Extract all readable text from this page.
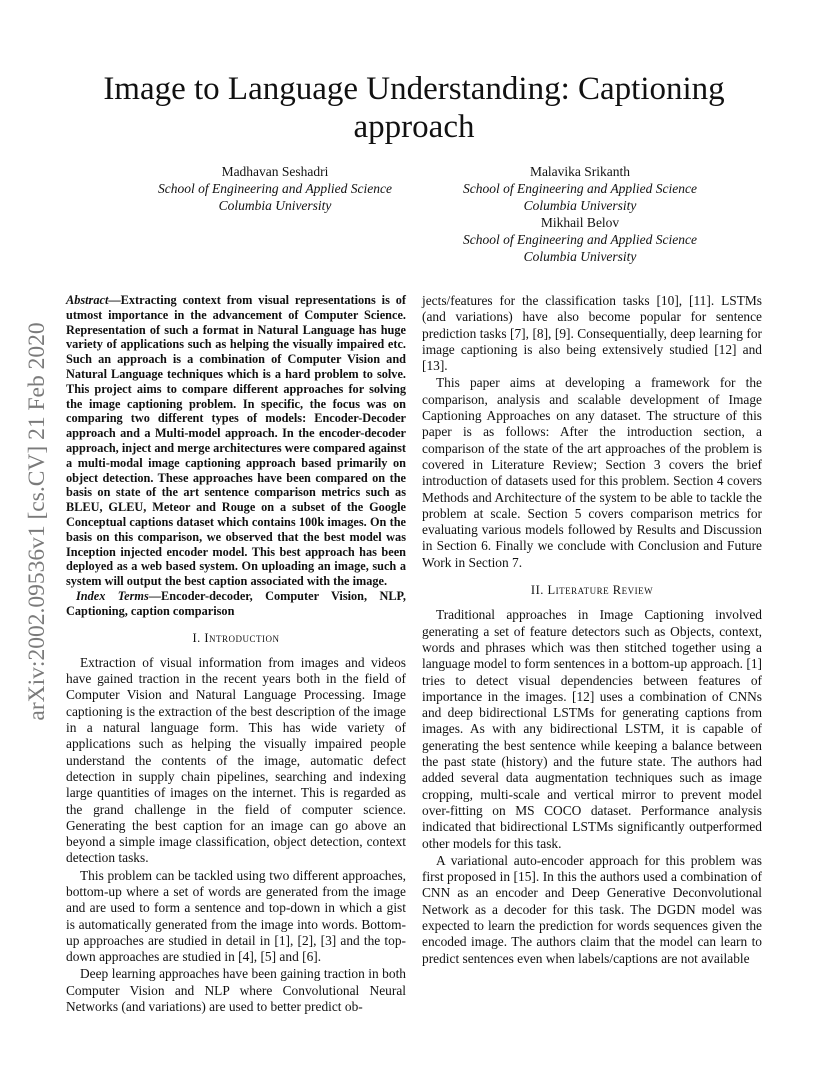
arXiv:2002.09536v1 [cs.CV] 21 Feb 2020
Image to Language Understanding: Captioning approach
Madhavan Seshadri
School of Engineering and Applied Science
Columbia University
Malavika Srikanth
School of Engineering and Applied Science
Columbia University
Mikhail Belov
School of Engineering and Applied Science
Columbia University

Abstract—Extracting context from visual representations is of utmost importance in the advancement of Computer Science. Representation of such a format in Natural Language has huge variety of applications such as helping the visually impaired etc. Such an approach is a combination of Computer Vision and Natural Language techniques which is a hard problem to solve. This project aims to compare different approaches for solving the image captioning problem. In specific, the focus was on comparing two different types of models: Encoder-Decoder approach and a Multi-model approach. In the encoder-decoder approach, inject and merge architectures were compared against a multi-modal image captioning approach based primarily on object detection. These approaches have been compared on the basis on state of the art sentence comparison metrics such as BLEU, GLEU, Meteor and Rouge on a subset of the Google Conceptual captions dataset which contains 100k images. On the basis on this comparison, we observed that the best model was Inception injected encoder model. This best approach has been deployed as a web based system. On uploading an image, such a system will output the best caption associated with the image.

Index Terms—Encoder-decoder, Computer Vision, NLP, Captioning, caption comparison

I. Introduction

Extraction of visual information from images and videos have gained traction in the recent years both in the field of Computer Vision and Natural Language Processing. Image captioning is the extraction of the best description of the image in a natural language form. This has wide variety of applications such as helping the visually impaired people understand the contents of the image, automatic defect detection in supply chain pipelines, searching and indexing large quantities of images on the internet. This is regarded as the grand challenge in the field of computer science. Generating the best caption for an image can go above an beyond a simple image classification, object detection, context detection tasks.

This problem can be tackled using two different approaches, bottom-up where a set of words are generated from the image and are used to form a sentence and top-down in which a gist is automatically generated from the image into words. Bottom-up approaches are studied in detail in [1], [2], [3] and the top-down approaches are studied in [4], [5] and [6].

Deep learning approaches have been gaining traction in both Computer Vision and NLP where Convolutional Neural Networks (and variations) are used to better predict ob-

jects/features for the classification tasks [10], [11]. LSTMs (and variations) have also become popular for sentence prediction tasks [7], [8], [9]. Consequentially, deep learning for image captioning is also being extensively studied [12] and [13].

This paper aims at developing a framework for the comparison, analysis and scalable development of Image Captioning Approaches on any dataset. The structure of this paper is as follows: After the introduction section, a comparison of the state of the art approaches of the problem is covered in Literature Review; Section 3 covers the brief introduction of datasets used for this problem. Section 4 covers Methods and Architecture of the system to be able to tackle the problem at scale. Section 5 covers comparison metrics for evaluating various models followed by Results and Discussion in Section 6. Finally we conclude with Conclusion and Future Work in Section 7.

II. Literature Review

Traditional approaches in Image Captioning involved generating a set of feature detectors such as Objects, context, words and phrases which was then stitched together using a language model to form sentences in a bottom-up approach. [1] tries to detect visual dependencies between features of importance in the images. [12] uses a combination of CNNs and deep bidirectional LSTMs for generating captions from images. As with any bidirectional LSTM, it is capable of generating the best sentence while keeping a balance between the past state (history) and the future state. The authors had added several data augmentation techniques such as image cropping, multi-scale and vertical mirror to prevent model over-fitting on MS COCO dataset. Performance analysis indicated that bidirectional LSTMs significantly outperformed other models for this task.

A variational auto-encoder approach for this problem was first proposed in [15]. In this the authors used a combination of CNN as an encoder and Deep Generative Deconvolutional Network as a decoder for this task. The DGDN model was expected to learn the prediction for words sequences given the encoded image. The authors claim that the model can learn to predict sentences even when labels/captions are not available
